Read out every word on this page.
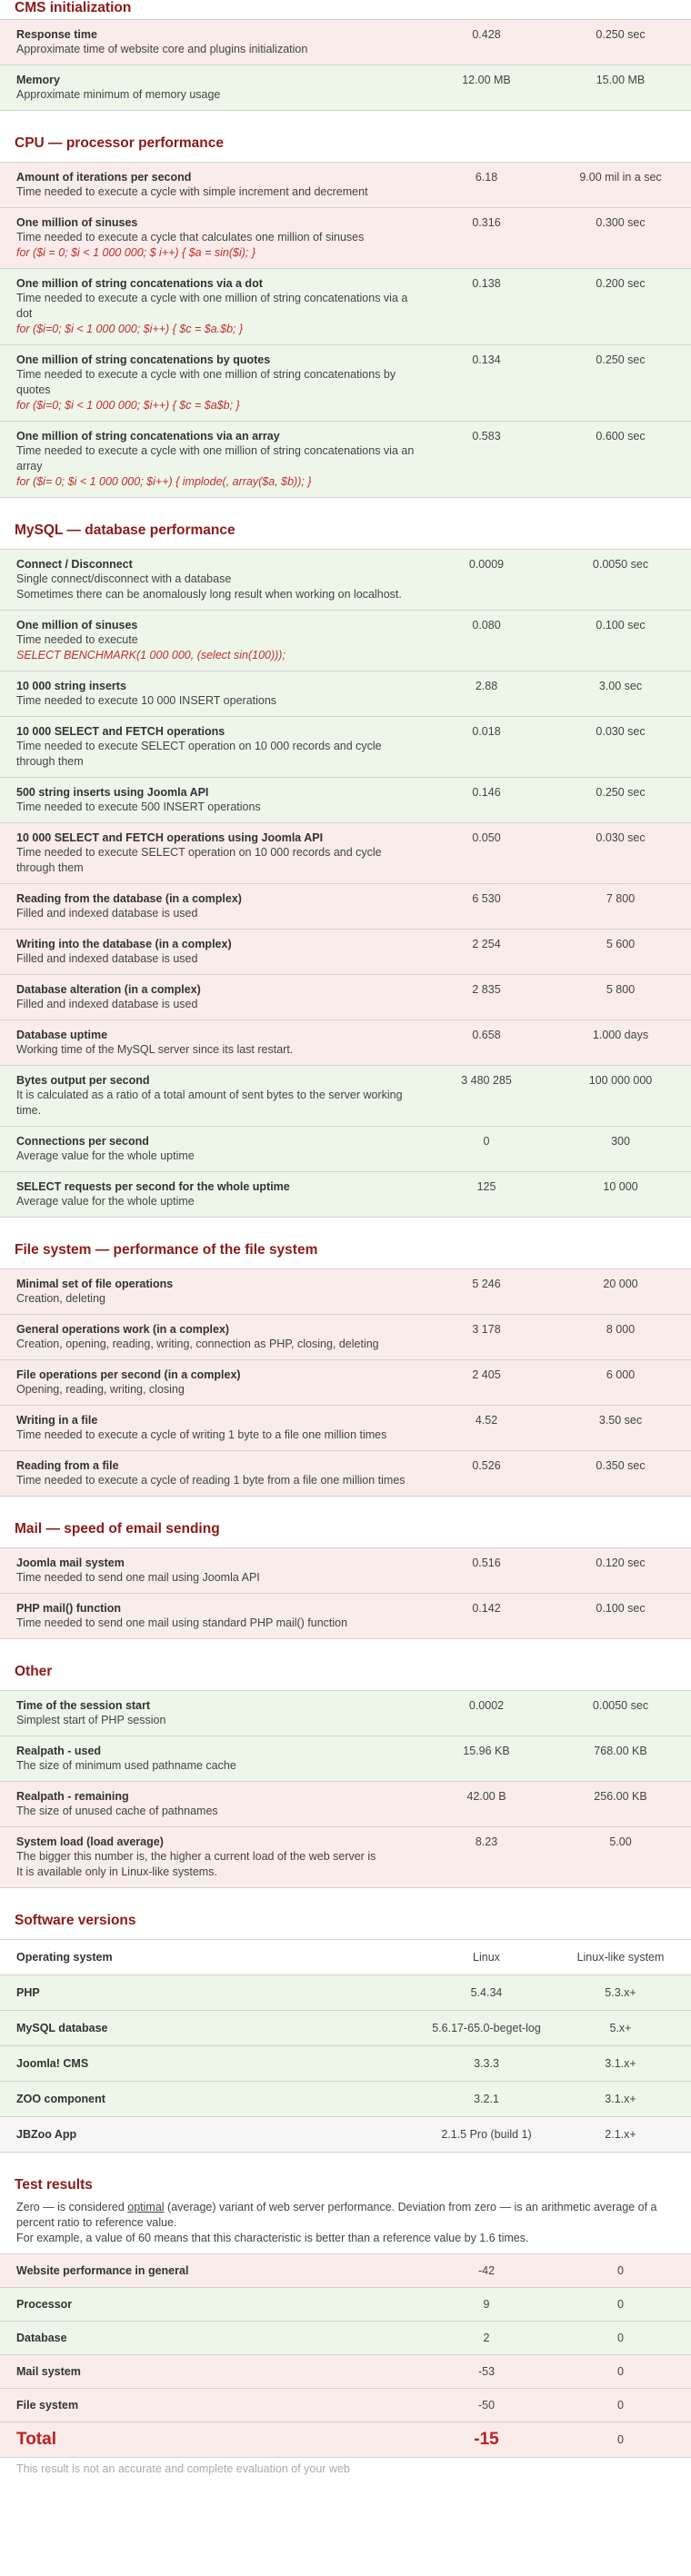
CMS initialization
Response time
Approximate time of website core and plugins initialization
0.428	0.250 sec
Memory
Approximate minimum of memory usage
12.00 MB	15.00 MB
CPU — processor performance
Amount of iterations per second
Time needed to execute a cycle with simple increment and decrement
6.18	9.00 mil in a sec
One million of sinuses
Time needed to execute a cycle that calculates one million of sinuses
for ($i = 0; $i < 1 000 000; $ i++) { $a = sin($i); }
0.316	0.300 sec
One million of string concatenations via a dot
Time needed to execute a cycle with one million of string concatenations via a dot
for ($i=0; $i < 1 000 000; $i++) { $c = $a.$b; }
0.138	0.200 sec
One million of string concatenations by quotes
Time needed to execute a cycle with one million of string concatenations by quotes
for ($i=0; $i < 1 000 000; $i++) { $c = $a$b; }
0.134	0.250 sec
One million of string concatenations via an array
Time needed to execute a cycle with one million of string concatenations via an array
for ($i= 0; $i < 1 000 000; $i++) { implode(, array($a, $b)); }
0.583	0.600 sec
MySQL — database performance
Connect / Disconnect
Single connect/disconnect with a database
Sometimes there can be anomalously long result when working on localhost.
0.0009	0.0050 sec
One million of sinuses
Time needed to execute
SELECT BENCHMARK(1 000 000, (select sin(100)));
0.080	0.100 sec
10 000 string inserts
Time needed to execute 10 000 INSERT operations
2.88	3.00 sec
10 000 SELECT and FETCH operations
Time needed to execute SELECT operation on 10 000 records and cycle through them
0.018	0.030 sec
500 string inserts using Joomla API
Time needed to execute 500 INSERT operations
0.146	0.250 sec
10 000 SELECT and FETCH operations using Joomla API
Time needed to execute SELECT operation on 10 000 records and cycle through them
0.050	0.030 sec
Reading from the database (in a complex)
Filled and indexed database is used
6 530	7 800
Writing into the database (in a complex)
Filled and indexed database is used
2 254	5 600
Database alteration (in a complex)
Filled and indexed database is used
2 835	5 800
Database uptime
Working time of the MySQL server since its last restart.
0.658	1.000 days
Bytes output per second
It is calculated as a ratio of a total amount of sent bytes to the server working time.
3 480 285	100 000 000
Connections per second
Average value for the whole uptime
0	300
SELECT requests per second for the whole uptime
Average value for the whole uptime
125	10 000
File system — performance of the file system
Minimal set of file operations
Creation, deleting
5 246	20 000
General operations work (in a complex)
Creation, opening, reading, writing, connection as PHP, closing, deleting
3 178	8 000
File operations per second (in a complex)
Opening, reading, writing, closing
2 405	6 000
Writing in a file
Time needed to execute a cycle of writing 1 byte to a file one million times
4.52	3.50 sec
Reading from a file
Time needed to execute a cycle of reading 1 byte from a file one million times
0.526	0.350 sec
Mail — speed of email sending
Joomla mail system
Time needed to send one mail using Joomla API
0.516	0.120 sec
PHP mail() function
Time needed to send one mail using standard PHP mail() function
0.142	0.100 sec
Other
Time of the session start
Simplest start of PHP session
0.0002	0.0050 sec
Realpath - used
The size of minimum used pathname cache
15.96 KB	768.00 KB
Realpath - remaining
The size of unused cache of pathnames
42.00 B	256.00 KB
System load (load average)
The bigger this number is, the higher a current load of the web server is
It is available only in Linux-like systems.
8.23	5.00
Software versions
Operating system	Linux	Linux-like system
PHP	5.4.34	5.3.x+
MySQL database	5.6.17-65.0-beget-log	5.x+
Joomla! CMS	3.3.3	3.1.x+
ZOO component	3.2.1	3.1.x+
JBZoo App	2.1.5 Pro (build 1)	2.1.x+
Test results

Zero — is considered optimal (average) variant of web server performance. Deviation from zero — is an arithmetic average of a percent ratio to reference value.

For example, a value of 60 means that this characteristic is better than a reference value by 1.6 times.

Website performance in general	-42	0
Processor	9	0
Database	2	0
Mail system	-53	0
File system	-50	0
Total	-15	0
This result is not an accurate and complete evaluation of your web
